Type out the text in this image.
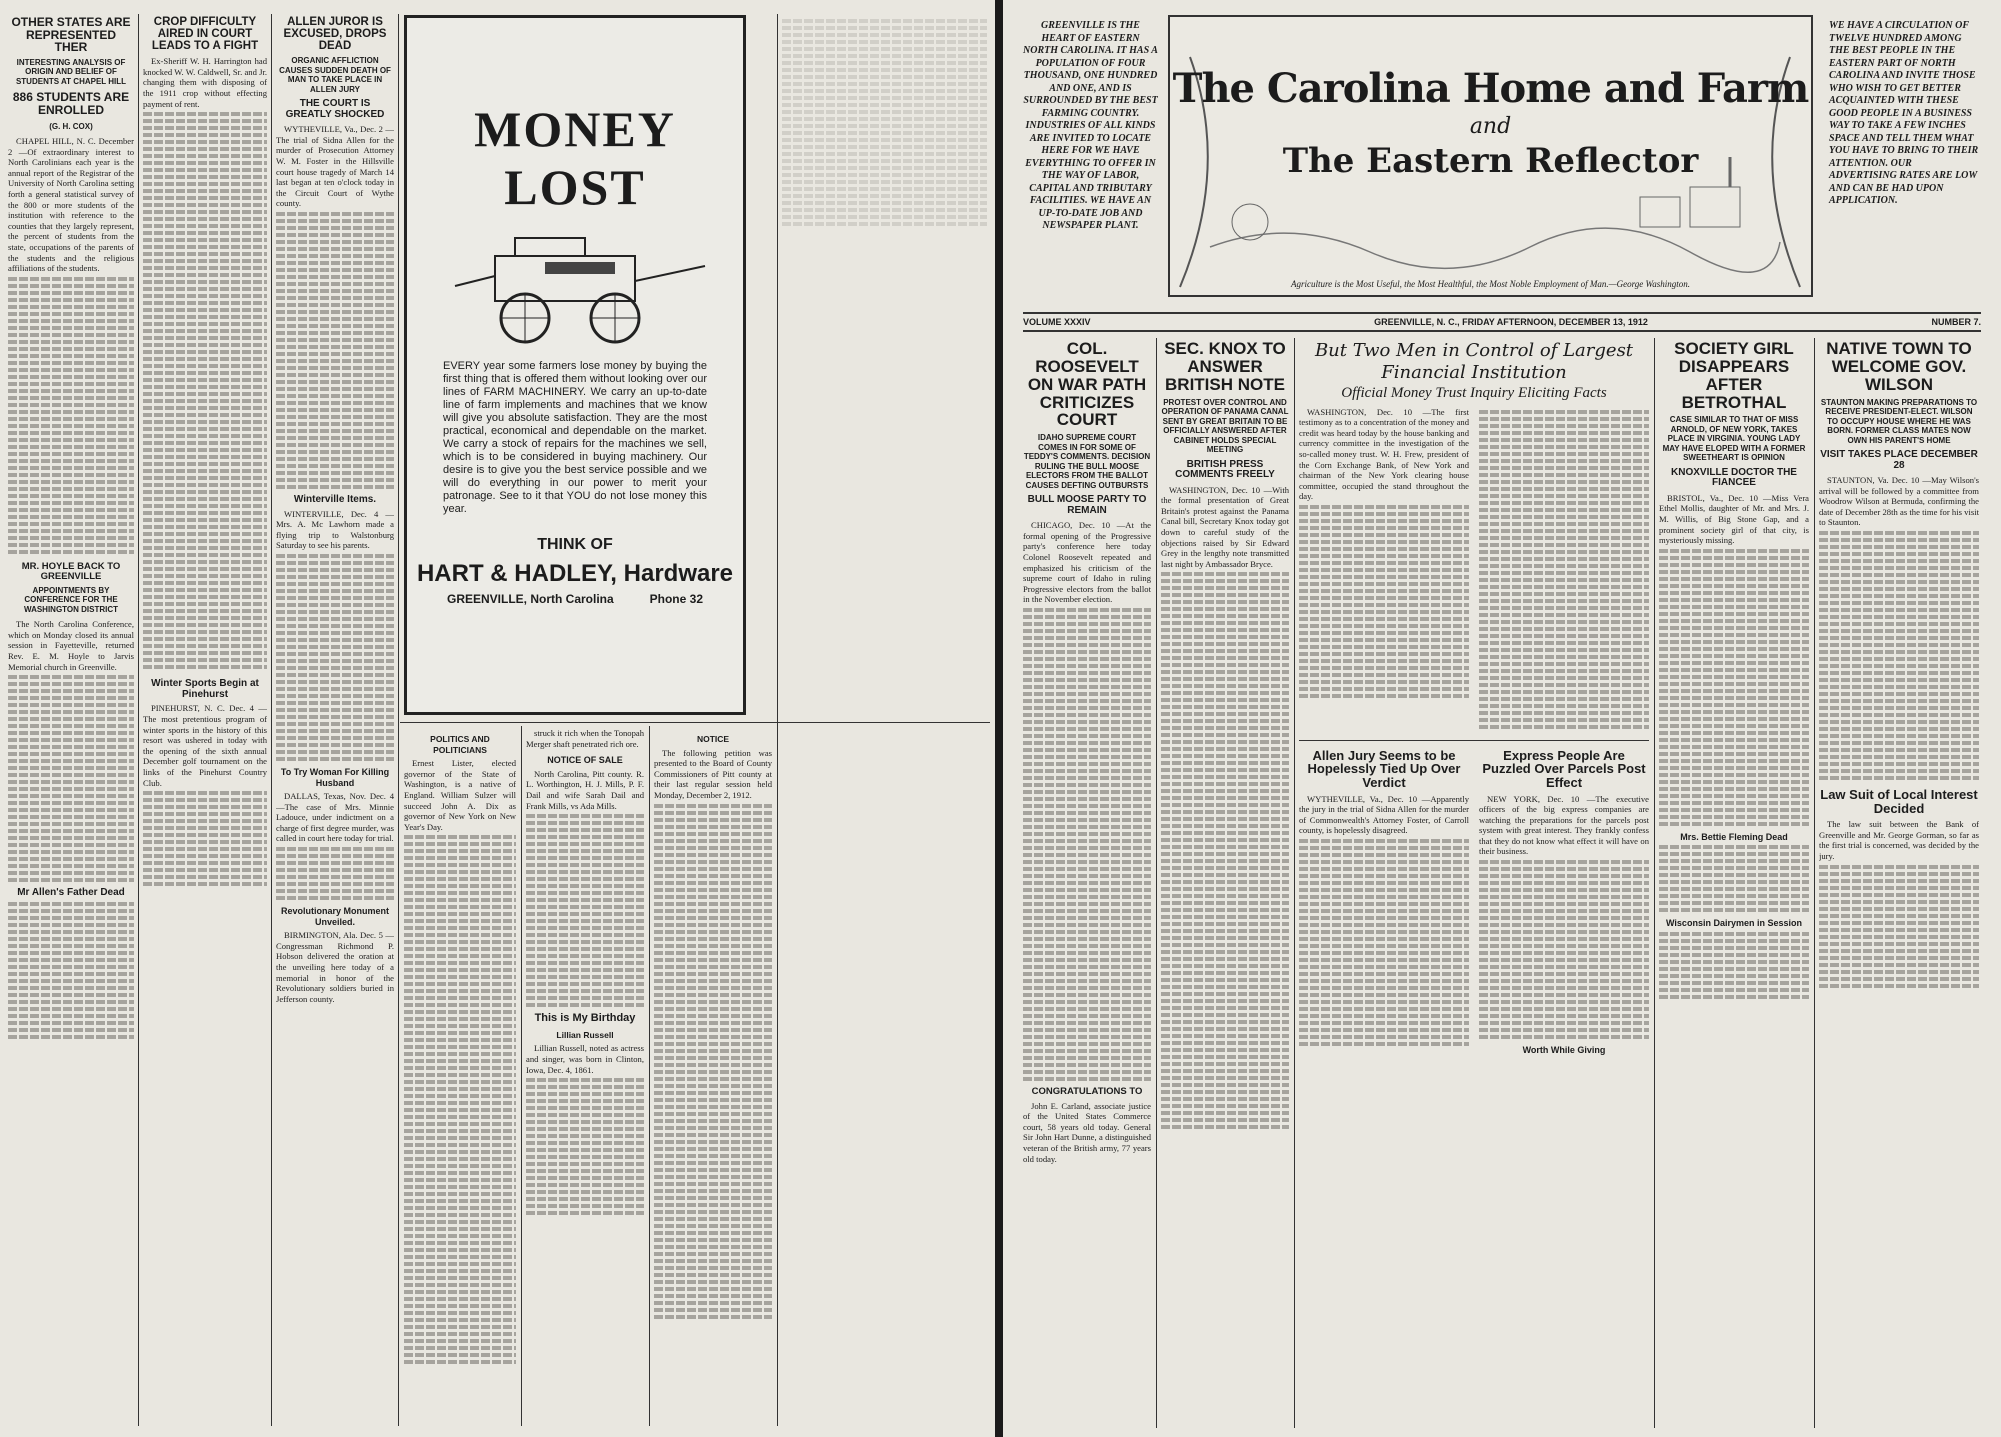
OTHER STATES ARE REPRESENTED THER
INTERESTING ANALYSIS OF ORIGIN AND BELIEF OF STUDENTS AT CHAPEL HILL
886 STUDENTS ARE ENROLLED
(G. H. COX)

CHAPEL HILL, N. C. December 2 —Of extraordinary interest to North Carolinians each year is the annual report of the Registrar of the University of North Carolina setting forth a general statistical survey of the 800 or more students of the institution with reference to the counties that they largely represent, the percent of students from the state, occupations of the parents of the students and the religious affiliations of the students.

MR. HOYLE BACK TO GREENVILLE
APPOINTMENTS BY CONFERENCE FOR THE WASHINGTON DISTRICT

The North Carolina Conference, which on Monday closed its annual session in Fayetteville, returned Rev. E. M. Hoyle to Jarvis Memorial church in Greenville.

Mr Allen's Father Dead
CROP DIFFICULTY AIRED IN COURT LEADS TO A FIGHT

Ex-Sheriff W. H. Harrington had knocked W. W. Caldwell, Sr. and Jr. changing them with disposing of the 1911 crop without effecting payment of rent.

Winter Sports Begin at Pinehurst

PINEHURST, N. C. Dec. 4 —The most pretentious program of winter sports in the history of this resort was ushered in today with the opening of the sixth annual December golf tournament on the links of the Pinehurst Country Club.

ALLEN JUROR IS EXCUSED, DROPS DEAD
ORGANIC AFFLICTION CAUSES SUDDEN DEATH OF MAN TO TAKE PLACE IN ALLEN JURY
THE COURT IS GREATLY SHOCKED

WYTHEVILLE, Va., Dec. 2 —The trial of Sidna Allen for the murder of Prosecution Attorney W. M. Foster in the Hillsville court house tragedy of March 14 last began at ten o'clock today in the Circuit Court of Wythe county.

Winterville Items.

WINTERVILLE, Dec. 4 —Mrs. A. Mc Lawhorn made a flying trip to Walstonburg Saturday to see his parents.

To Try Woman For Killing Husband

DALLAS, Texas, Nov. Dec. 4 —The case of Mrs. Minnie Ladouce, under indictment on a charge of first degree murder, was called in court here today for trial.

Revolutionary Monument Unveiled.

BIRMINGTON, Ala. Dec. 5 —Congressman Richmond P. Hobson delivered the oration at the unveiling here today of a memorial in honor of the Revolutionary soldiers buried in Jefferson county.

MONEY LOST
EVERY year some farmers lose money by buying the first thing that is offered them without looking over our lines of FARM MACHINERY. We carry an up-to-date line of farm implements and machines that we know will give you absolute satisfaction. They are the most practical, economical and dependable on the market. We carry a stock of repairs for the machines we sell, which is to be considered in buying machinery. Our desire is to give you the best service possible and we will do everything in our power to merit your patronage. See to it that YOU do not lose money this year.
THINK OF
HART & HADLEY, Hardware
GREENVILLE, North Carolina	Phone 32
POLITICS AND POLITICIANS

Ernest Lister, elected governor of the State of Washington, is a native of England. William Sulzer will succeed John A. Dix as governor of New York on New Year's Day.

struck it rich when the Tonopah Merger shaft penetrated rich ore.

NOTICE OF SALE

North Carolina, Pitt county. R. L. Worthington, H. J. Mills, P. F. Dail and wife Sarah Dail and Frank Mills, vs Ada Mills.

This is My Birthday
Lillian Russell

Lillian Russell, noted as actress and singer, was born in Clinton, Iowa, Dec. 4, 1861.

NOTICE

The following petition was presented to the Board of County Commissioners of Pitt county at their last regular session held Monday, December 2, 1912.

GREENVILLE IS THE HEART OF EASTERN NORTH CAROLINA. IT HAS A POPULATION OF FOUR THOUSAND, ONE HUNDRED AND ONE, AND IS SURROUNDED BY THE BEST FARMING COUNTRY. INDUSTRIES OF ALL KINDS ARE INVITED TO LOCATE HERE FOR WE HAVE EVERYTHING TO OFFER IN THE WAY OF LABOR, CAPITAL AND TRIBUTARY FACILITIES. WE HAVE AN UP-TO-DATE JOB AND NEWSPAPER PLANT.
The Carolina Home and Farm
and
The Eastern Reflector
Agriculture is the Most Useful, the Most Healthful, the Most Noble Employment of Man.—George Washington.
WE HAVE A CIRCULATION OF TWELVE HUNDRED AMONG THE BEST PEOPLE IN THE EASTERN PART OF NORTH CAROLINA AND INVITE THOSE WHO WISH TO GET BETTER ACQUAINTED WITH THESE GOOD PEOPLE IN A BUSINESS WAY TO TAKE A FEW INCHES SPACE AND TELL THEM WHAT YOU HAVE TO BRING TO THEIR ATTENTION. OUR ADVERTISING RATES ARE LOW AND CAN BE HAD UPON APPLICATION.
VOLUME XXXIV	GREENVILLE, N. C., FRIDAY AFTERNOON, DECEMBER 13, 1912	NUMBER 7.
COL. ROOSEVELT ON WAR PATH CRITICIZES COURT
IDAHO SUPREME COURT COMES IN FOR SOME OF TEDDY'S COMMENTS. DECISION RULING THE BULL MOOSE ELECTORS FROM THE BALLOT CAUSES DEFTING OUTBURSTS
BULL MOOSE PARTY TO REMAIN

CHICAGO, Dec. 10 —At the formal opening of the Progressive party's conference here today Colonel Roosevelt repeated and emphasized his criticism of the supreme court of Idaho in ruling Progressive electors from the ballot in the November election.

CONGRATULATIONS TO

John E. Carland, associate justice of the United States Commerce court, 58 years old today. General Sir John Hart Dunne, a distinguished veteran of the British army, 77 years old today.

SEC. KNOX TO ANSWER BRITISH NOTE
PROTEST OVER CONTROL AND OPERATION OF PANAMA CANAL SENT BY GREAT BRITAIN TO BE OFFICIALLY ANSWERED AFTER CABINET HOLDS SPECIAL MEETING
BRITISH PRESS COMMENTS FREELY

WASHINGTON, Dec. 10 —With the formal presentation of Great Britain's protest against the Panama Canal bill, Secretary Knox today got down to careful study of the objections raised by Sir Edward Grey in the lengthy note transmitted last night by Ambassador Bryce.

But Two Men in Control of Largest Financial Institution
Official Money Trust Inquiry Eliciting Facts

WASHINGTON, Dec. 10 —The first testimony as to a concentration of the money and credit was heard today by the house banking and currency committee in the investigation of the so-called money trust. W. H. Frew, president of the Corn Exchange Bank, of New York and chairman of the New York clearing house committee, occupied the stand throughout the day.

Allen Jury Seems to be Hopelessly Tied Up Over Verdict

WYTHEVILLE, Va., Dec. 10 —Apparently the jury in the trial of Sidna Allen for the murder of Commonwealth's Attorney Foster, of Carroll county, is hopelessly disagreed.

Express People Are Puzzled Over Parcels Post Effect

NEW YORK, Dec. 10 —The executive officers of the big express companies are watching the preparations for the parcels post system with great interest. They frankly confess that they do not know what effect it will have on their business.

Worth While Giving
SOCIETY GIRL DISAPPEARS AFTER BETROTHAL
CASE SIMILAR TO THAT OF MISS ARNOLD, OF NEW YORK, TAKES PLACE IN VIRGINIA. YOUNG LADY MAY HAVE ELOPED WITH A FORMER SWEETHEART IS OPINION
KNOXVILLE DOCTOR THE FIANCEE

BRISTOL, Va., Dec. 10 —Miss Vera Ethel Mollis, daughter of Mr. and Mrs. J. M. Willis, of Big Stone Gap, and a prominent society girl of that city, is mysteriously missing.

Mrs. Bettie Fleming Dead
Wisconsin Dairymen in Session
NATIVE TOWN TO WELCOME GOV. WILSON
STAUNTON MAKING PREPARATIONS TO RECEIVE PRESIDENT-ELECT. WILSON TO OCCUPY HOUSE WHERE HE WAS BORN. FORMER CLASS MATES NOW OWN HIS PARENT'S HOME
VISIT TAKES PLACE DECEMBER 28

STAUNTON, Va. Dec. 10 —May Wilson's arrival will be followed by a committee from Woodrow Wilson at Bermuda, confirming the date of December 28th as the time for his visit to Staunton.

Law Suit of Local Interest Decided

The law suit between the Bank of Greenville and Mr. George Gorman, so far as the first trial is concerned, was decided by the jury.
